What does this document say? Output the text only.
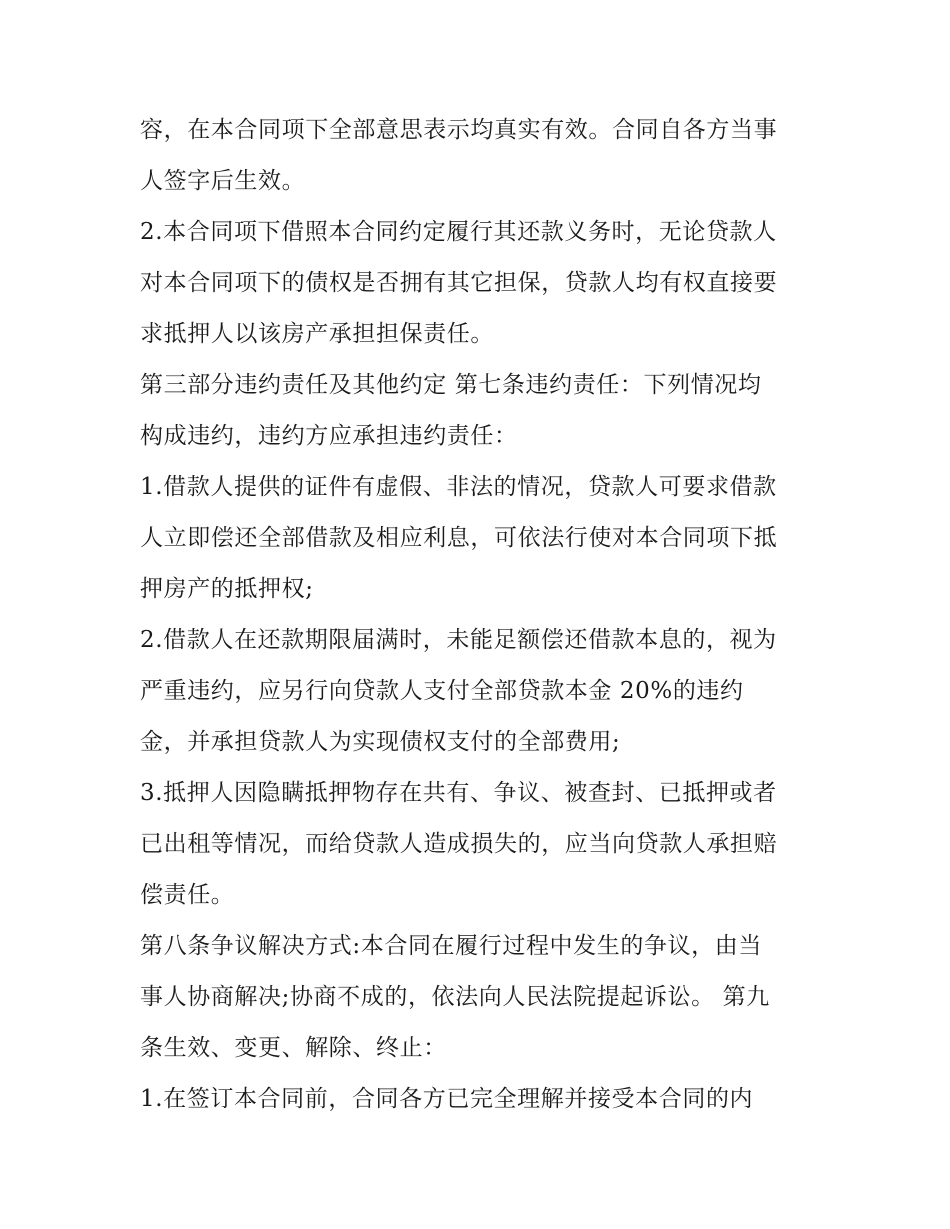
容，在本合同项下全部意思表示均真实有效。合同自各方当事
人签字后生效。
2.本合同项下借照本合同约定履行其还款义务时，无论贷款人
对本合同项下的债权是否拥有其它担保，贷款人均有权直接要
求抵押人以该房产承担担保责任。
第三部分违约责任及其他约定 第七条违约责任：下列情况均
构成违约，违约方应承担违约责任：
1.借款人提供的证件有虚假、非法的情况，贷款人可要求借款
人立即偿还全部借款及相应利息，可依法行使对本合同项下抵
押房产的抵押权;
2.借款人在还款期限届满时，未能足额偿还借款本息的，视为
严重违约，应另行向贷款人支付全部贷款本金 20%的违约
金，并承担贷款人为实现债权支付的全部费用;
3.抵押人因隐瞒抵押物存在共有、争议、被查封、已抵押或者
已出租等情况，而给贷款人造成损失的，应当向贷款人承担赔
偿责任。
第八条争议解决方式:本合同在履行过程中发生的争议，由当
事人协商解决;协商不成的，依法向人民法院提起诉讼。 第九
条生效、变更、解除、终止：
1.在签订本合同前，合同各方已完全理解并接受本合同的内
